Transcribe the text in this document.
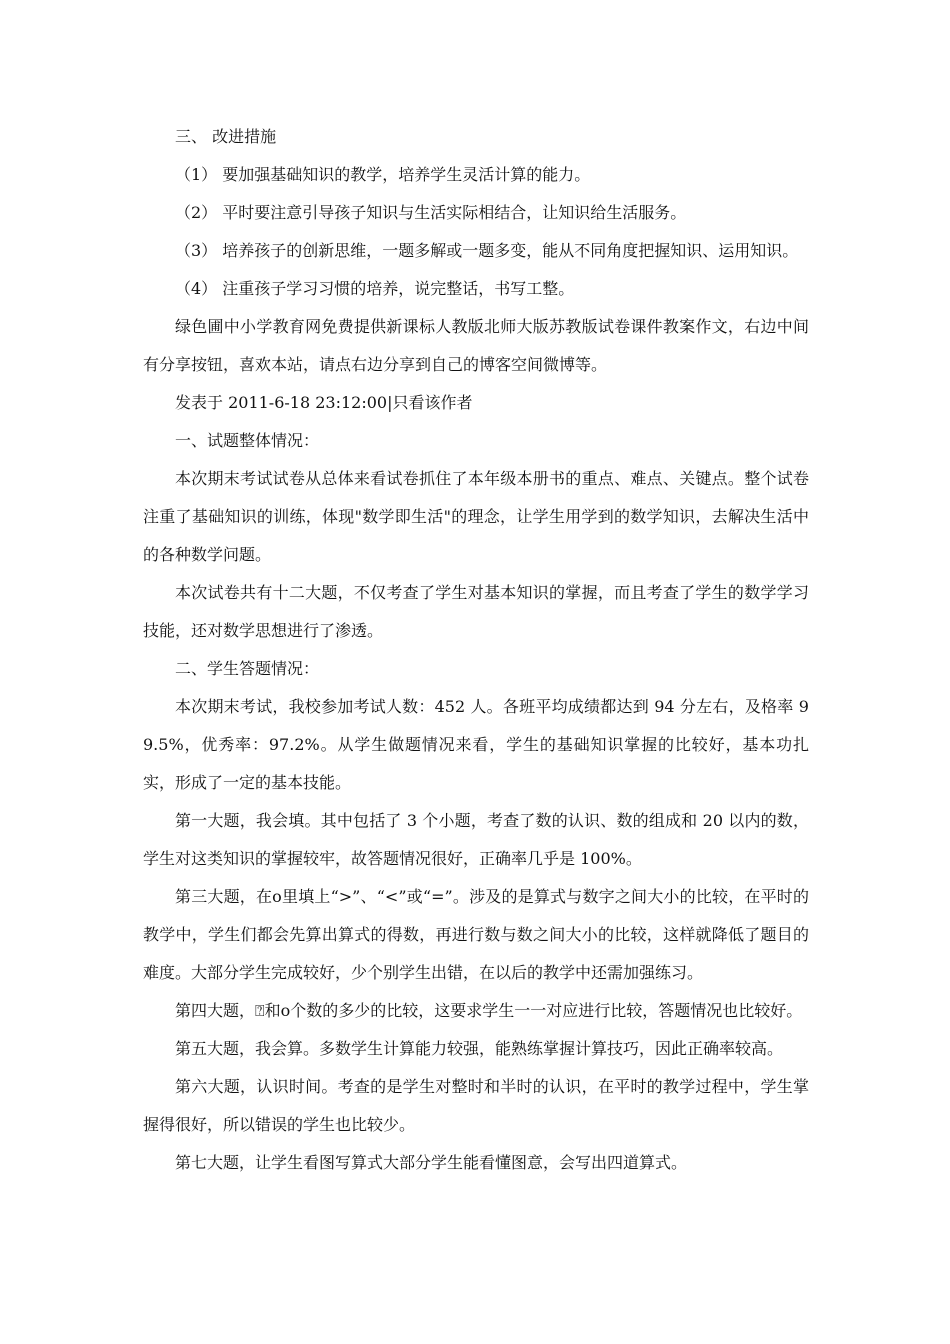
三、 改进措施

（1） 要加强基础知识的教学，培养学生灵活计算的能力。

（2） 平时要注意引导孩子知识与生活实际相结合，让知识给生活服务。

（3） 培养孩子的创新思维，一题多解或一题多变，能从不同角度把握知识、运用知识。

（4） 注重孩子学习习惯的培养，说完整话，书写工整。

绿色圃中小学教育网免费提供新课标人教版北师大版苏教版试卷课件教案作文，右边中间有分享按钮，喜欢本站，请点右边分享到自己的博客空间微博等。

发表于 2011-6-18 23:12:00|只看该作者

一、试题整体情况：

本次期末考试试卷从总体来看试卷抓住了本年级本册书的重点、难点、关键点。整个试卷注重了基础知识的训练，体现"数学即生活"的理念，让学生用学到的数学知识，去解决生活中的各种数学问题。

本次试卷共有十二大题，不仅考查了学生对基本知识的掌握，而且考查了学生的数学学习技能，还对数学思想进行了渗透。

二、学生答题情况：

本次期末考试，我校参加考试人数：452 人。各班平均成绩都达到 94 分左右，及格率 99.5%，优秀率：97.2%。从学生做题情况来看，学生的基础知识掌握的比较好，基本功扎实，形成了一定的基本技能。

第一大题，我会填。其中包括了 3 个小题，考查了数的认识、数的组成和 20 以内的数，学生对这类知识的掌握较牢，故答题情况很好，正确率几乎是 100%。

第三大题，在o里填上“>”、“<”或“=”。涉及的是算式与数字之间大小的比较，在平时的教学中，学生们都会先算出算式的得数，再进行数与数之间大小的比较，这样就降低了题目的难度。大部分学生完成较好，少个别学生出错，在以后的教学中还需加强练习。

第四大题，⍰和o个数的多少的比较，这要求学生一一对应进行比较，答题情况也比较好。

第五大题，我会算。多数学生计算能力较强，能熟练掌握计算技巧，因此正确率较高。

第六大题，认识时间。考查的是学生对整时和半时的认识，在平时的教学过程中，学生掌握得很好，所以错误的学生也比较少。

第七大题，让学生看图写算式大部分学生能看懂图意，会写出四道算式。
